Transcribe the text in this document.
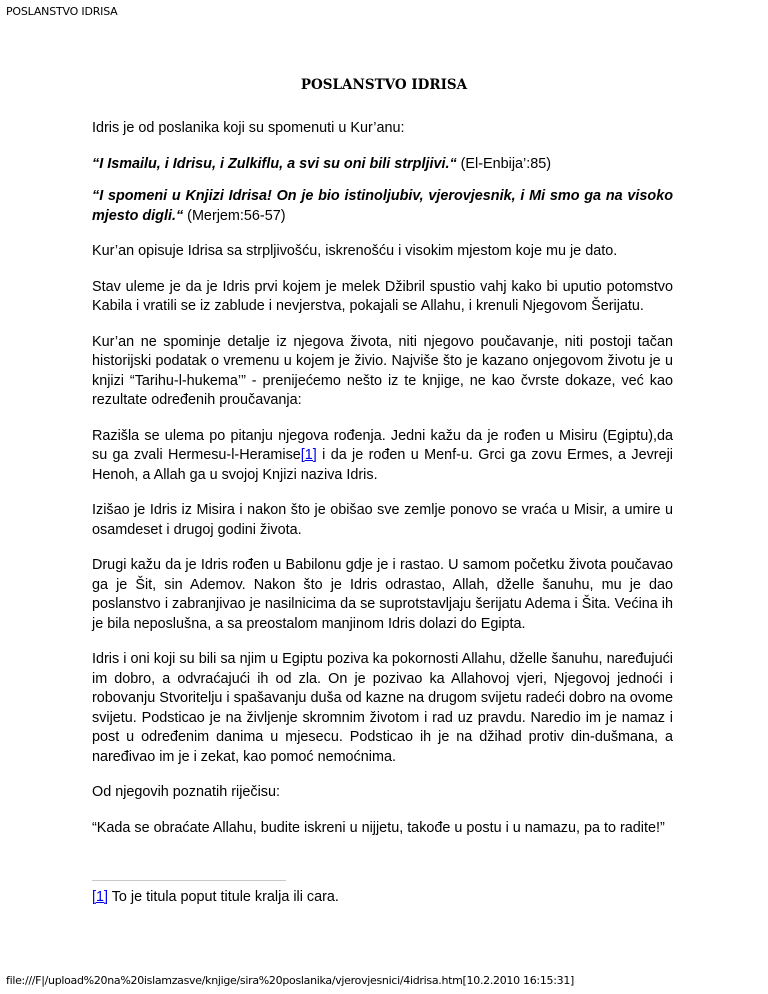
POSLANSTVO IDRISA
POSLANSTVO IDRISA

Idris je od poslanika koji su spomenuti u Kur’anu:

“I Ismailu, i Idrisu, i Zulkiflu, a svi su oni bili strpljivi.“ (El-Enbija’:85)

“I spomeni u Knjizi Idrisa! On je bio istinoljubiv, vjerovjesnik, i Mi smo ga na visoko mjesto digli.“ (Merjem:56-57)

Kur’an opisuje Idrisa sa strpljivošću, iskrenošću i visokim mjestom koje mu je dato.

Stav uleme je da je Idris prvi kojem je melek Džibril spustio vahj kako bi uputio potomstvo Kabila i vratili se iz zablude i nevjerstva, pokajali se Allahu, i krenuli Njegovom Šerijatu.

Kur’an ne spominje detalje iz njegova života, niti njegovo poučavanje, niti postoji tačan historijski podatak o vremenu u kojem je živio. Najviše što je kazano onjegovom životu je u knjizi “Tarihu-l-hukema’” - prenijećemo nešto iz te knjige, ne kao čvrste dokaze, već kao rezultate određenih proučavanja:

Razišla se ulema po pitanju njegova rođenja. Jedni kažu da je rođen u Misiru (Egiptu),da su ga zvali Hermesu-l-Heramise[1] i da je rođen u Menf-u. Grci ga zovu Ermes, a Jevreji Henoh, a Allah ga u svojoj Knjizi naziva Idris.

Izišao je Idris iz Misira i nakon što je obišao sve zemlje ponovo se vraća u Misir, a umire u osamdeset i drugoj godini života.

Drugi kažu da je Idris rođen u Babilonu gdje je i rastao. U samom početku života poučavao ga je Šit, sin Ademov. Nakon što je Idris odrastao, Allah, dželle šanuhu, mu je dao poslanstvo i zabranjivao je nasilnicima da se suprotstavljaju šerijatu Adema i Šita. Većina ih je bila neposlušna, a sa preostalom manjinom Idris dolazi do Egipta.

Idris i oni koji su bili sa njim u Egiptu poziva ka pokornosti Allahu, dželle šanuhu, naređujući im dobro, a odvraćajući ih od zla. On je pozivao ka Allahovoj vjeri, Njegovoj jednoći i robovanju Stvoritelju i spašavanju duša od kazne na drugom svijetu radeći dobro na ovome svijetu. Podsticao je na življenje skromnim životom i rad uz pravdu. Naredio im je namaz i post u određenim danima u mjesecu. Podsticao ih je na džihad protiv din-dušmana, a naređivao im je i zekat, kao pomoć nemoćnima.

Od njegovih poznatih riječisu:

“Kada se obraćate Allahu, budite iskreni u nijjetu, takođe u postu i u namazu, pa to radite!”

[1] To je titula poput titule kralja ili cara.
file:///F|/upload%20na%20islamzasve/knjige/sira%20poslanika/vjerovjesnici/4idrisa.htm[10.2.2010 16:15:31]
